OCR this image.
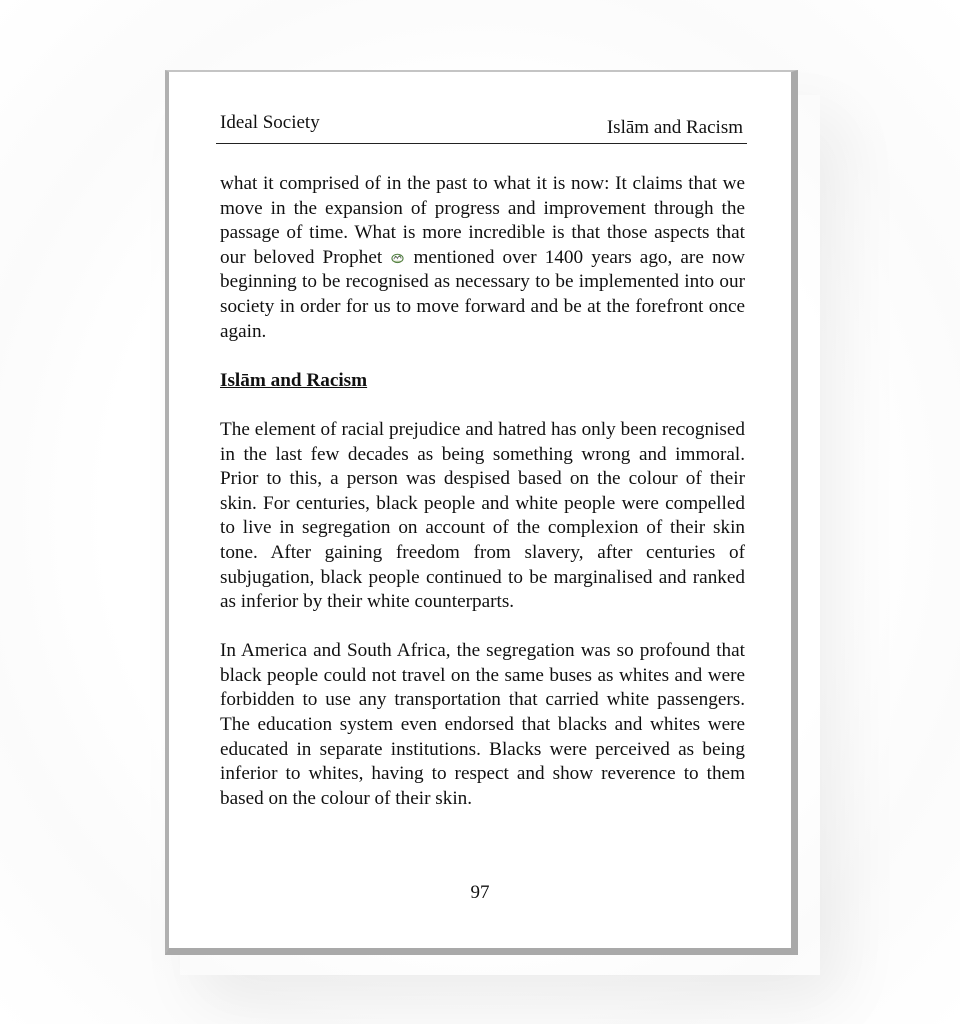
Ideal Society	Islām and Racism

what it comprised of in the past to what it is now: It claims that we move in the expansion of progress and improvement through the passage of time. What is more incredible is that those aspects that our beloved Prophet mentioned over 1400 years ago, are now beginning to be recognised as necessary to be implemented into our society in order for us to move forward and be at the forefront once again.

Islām and Racism

The element of racial prejudice and hatred has only been recognised in the last few decades as being something wrong and immoral. Prior to this, a person was despised based on the colour of their skin. For centuries, black people and white people were compelled to live in segregation on account of the complexion of their skin tone. After gaining freedom from slavery, after centuries of subjugation, black people continued to be marginalised and ranked as inferior by their white counterparts.

In America and South Africa, the segregation was so profound that black people could not travel on the same buses as whites and were forbidden to use any transportation that carried white passengers. The education system even endorsed that blacks and whites were educated in separate institutions. Blacks were perceived as being inferior to whites, having to respect and show reverence to them based on the colour of their skin.

97
